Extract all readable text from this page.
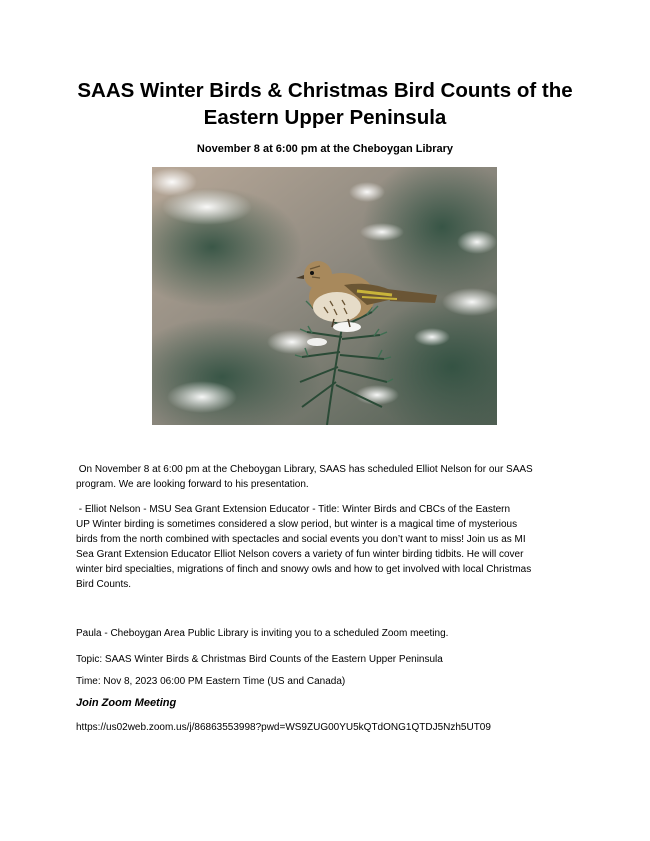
SAAS Winter Birds & Christmas Bird Counts of the
Eastern Upper Peninsula

November 8 at 6:00 pm at the Cheboygan Library

On November 8 at 6:00 pm at the Cheboygan Library, SAAS has scheduled Elliot Nelson for our SAAS
program. We are looking forward to his presentation.

- Elliot Nelson - MSU Sea Grant Extension Educator - Title: Winter Birds and CBCs of the Eastern
UP Winter birding is sometimes considered a slow period, but winter is a magical time of mysterious
birds from the north combined with spectacles and social events you don’t want to miss! Join us as MI
Sea Grant Extension Educator Elliot Nelson covers a variety of fun winter birding tidbits. He will cover
winter bird specialties, migrations of finch and snowy owls and how to get involved with local Christmas
Bird Counts.

Paula - Cheboygan Area Public Library is inviting you to a scheduled Zoom meeting.

Topic: SAAS Winter Birds & Christmas Bird Counts of the Eastern Upper Peninsula

Time: Nov 8, 2023 06:00 PM Eastern Time (US and Canada)

Join Zoom Meeting

https://us02web.zoom.us/j/86863553998?pwd=WS9ZUG00YU5kQTdONG1QTDJ5Nzh5UT09
